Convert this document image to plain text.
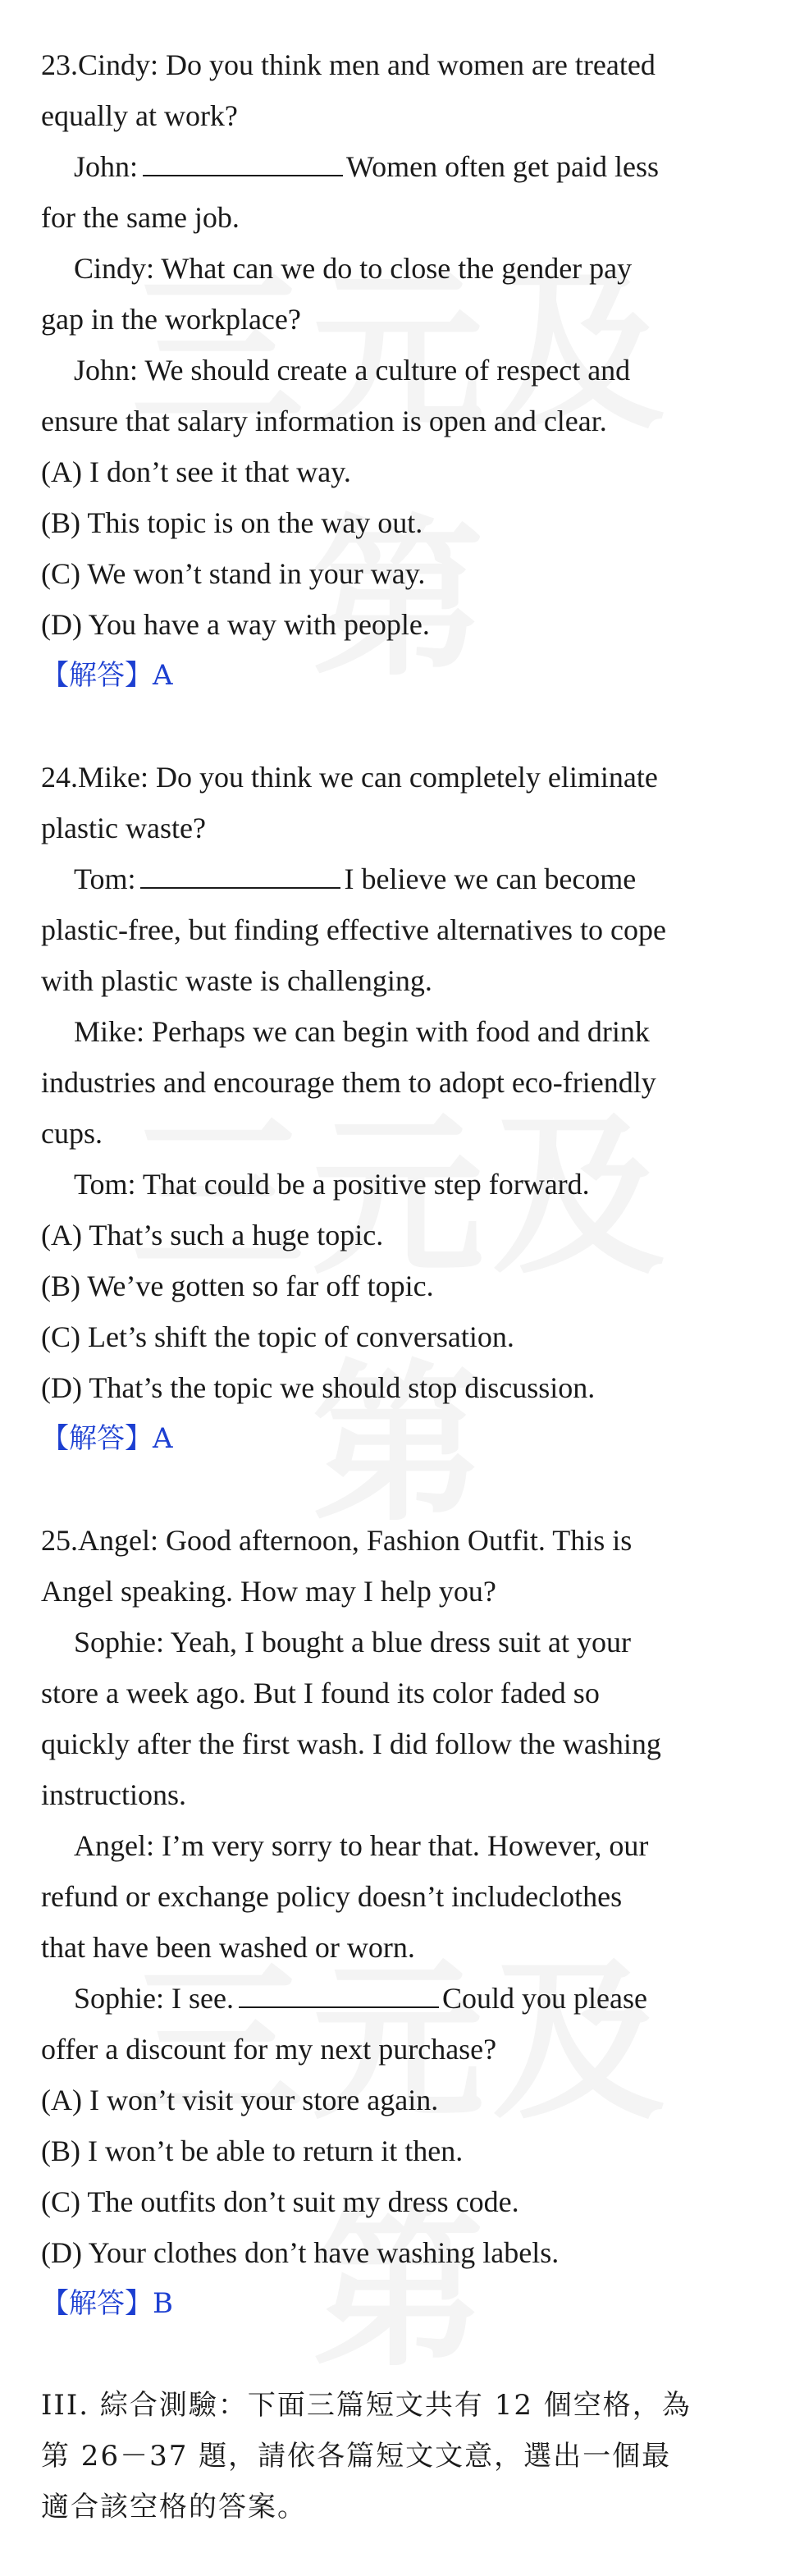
23.Cindy: Do you think men and women are treated
equally at work?
John:	Women often get paid less
for the same job.
Cindy: What can we do to close the gender pay
gap in the workplace?
John: We should create a culture of respect and
ensure that salary information is open and clear.
(A) I don’t see it that way.
(B) This topic is on the way out.
(C) We won’t stand in your way.
(D) You have a way with people.
【解答】A
24.Mike: Do you think we can completely eliminate
plastic waste?
Tom:	I believe we can become
plastic-free, but finding effective alternatives to cope
with plastic waste is challenging.
Mike: Perhaps we can begin with food and drink
industries and encourage them to adopt eco-friendly
cups.
Tom: That could be a positive step forward.
(A) That’s such a huge topic.
(B) We’ve gotten so far off topic.
(C) Let’s shift the topic of conversation.
(D) That’s the topic we should stop discussion.
【解答】A
25.Angel: Good afternoon, Fashion Outfit. This is
Angel speaking. How may I help you?
Sophie: Yeah, I bought a blue dress suit at your
store a week ago. But I found its color faded so
quickly after the first wash. I did follow the washing
instructions.
Angel: I’m very sorry to hear that. However, our
refund or exchange policy doesn’t includeclothes
that have been washed or worn.
Sophie: I see.	Could you please
offer a discount for my next purchase?
(A) I won’t visit your store again.
(B) I won’t be able to return it then.
(C) The outfits don’t suit my dress code.
(D) Your clothes don’t have washing labels.
【解答】B
III. 綜合測驗：下面三篇短文共有 12 個空格，為
第 26－37 題，請依各篇短文文意，選出一個最
適合該空格的答案。
